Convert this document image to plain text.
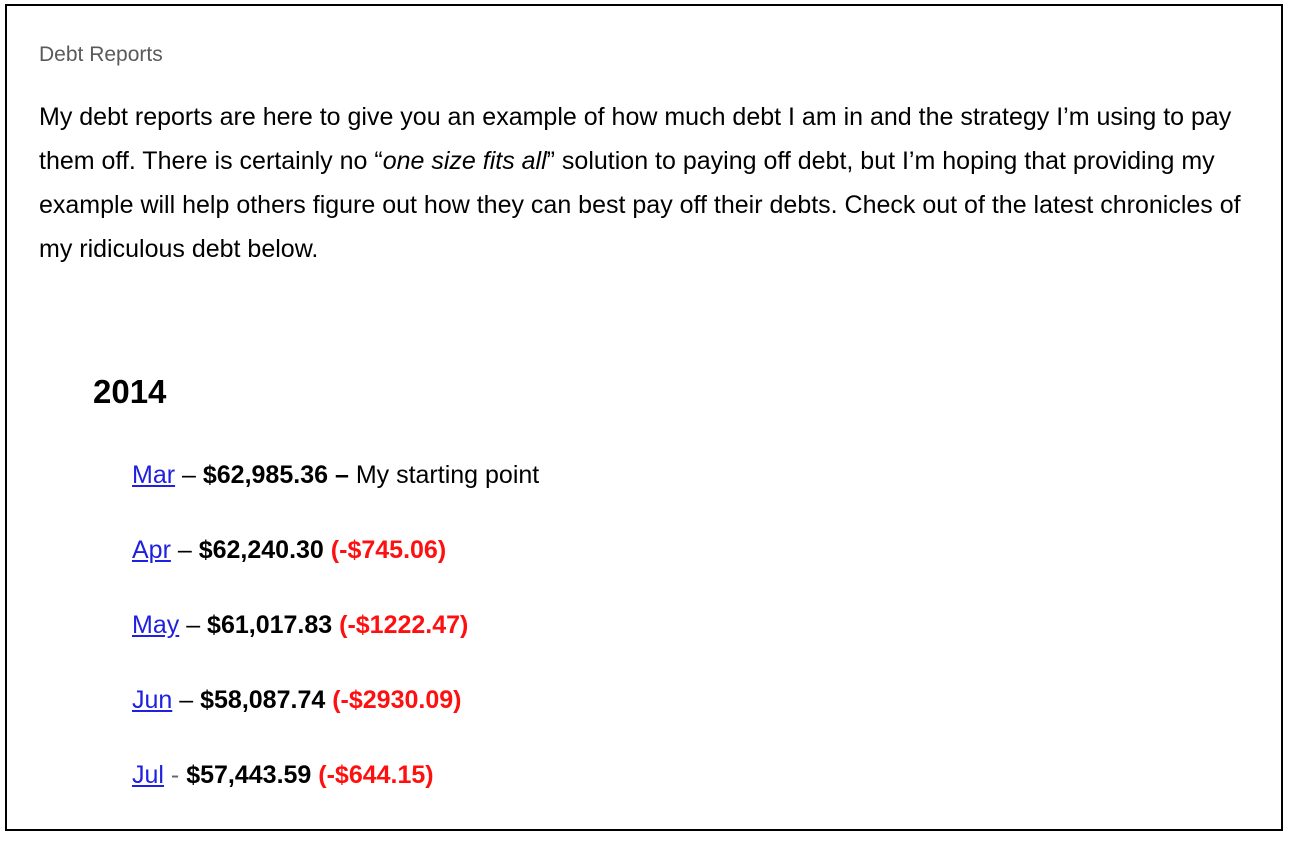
Debt Reports

My debt reports are here to give you an example of how much debt I am in and the strategy I’m using to pay them off. There is certainly no “one size fits all” solution to paying off debt, but I’m hoping that providing my example will help others figure out how they can best pay off their debts. Check out of the latest chronicles of my ridiculous debt below.

2014
Mar – $62,985.36 – My starting point
Apr – $62,240.30 (-$745.06)
May – $61,017.83 (-$1222.47)
Jun – $58,087.74 (-$2930.09)
Jul - $57,443.59 (-$644.15)
